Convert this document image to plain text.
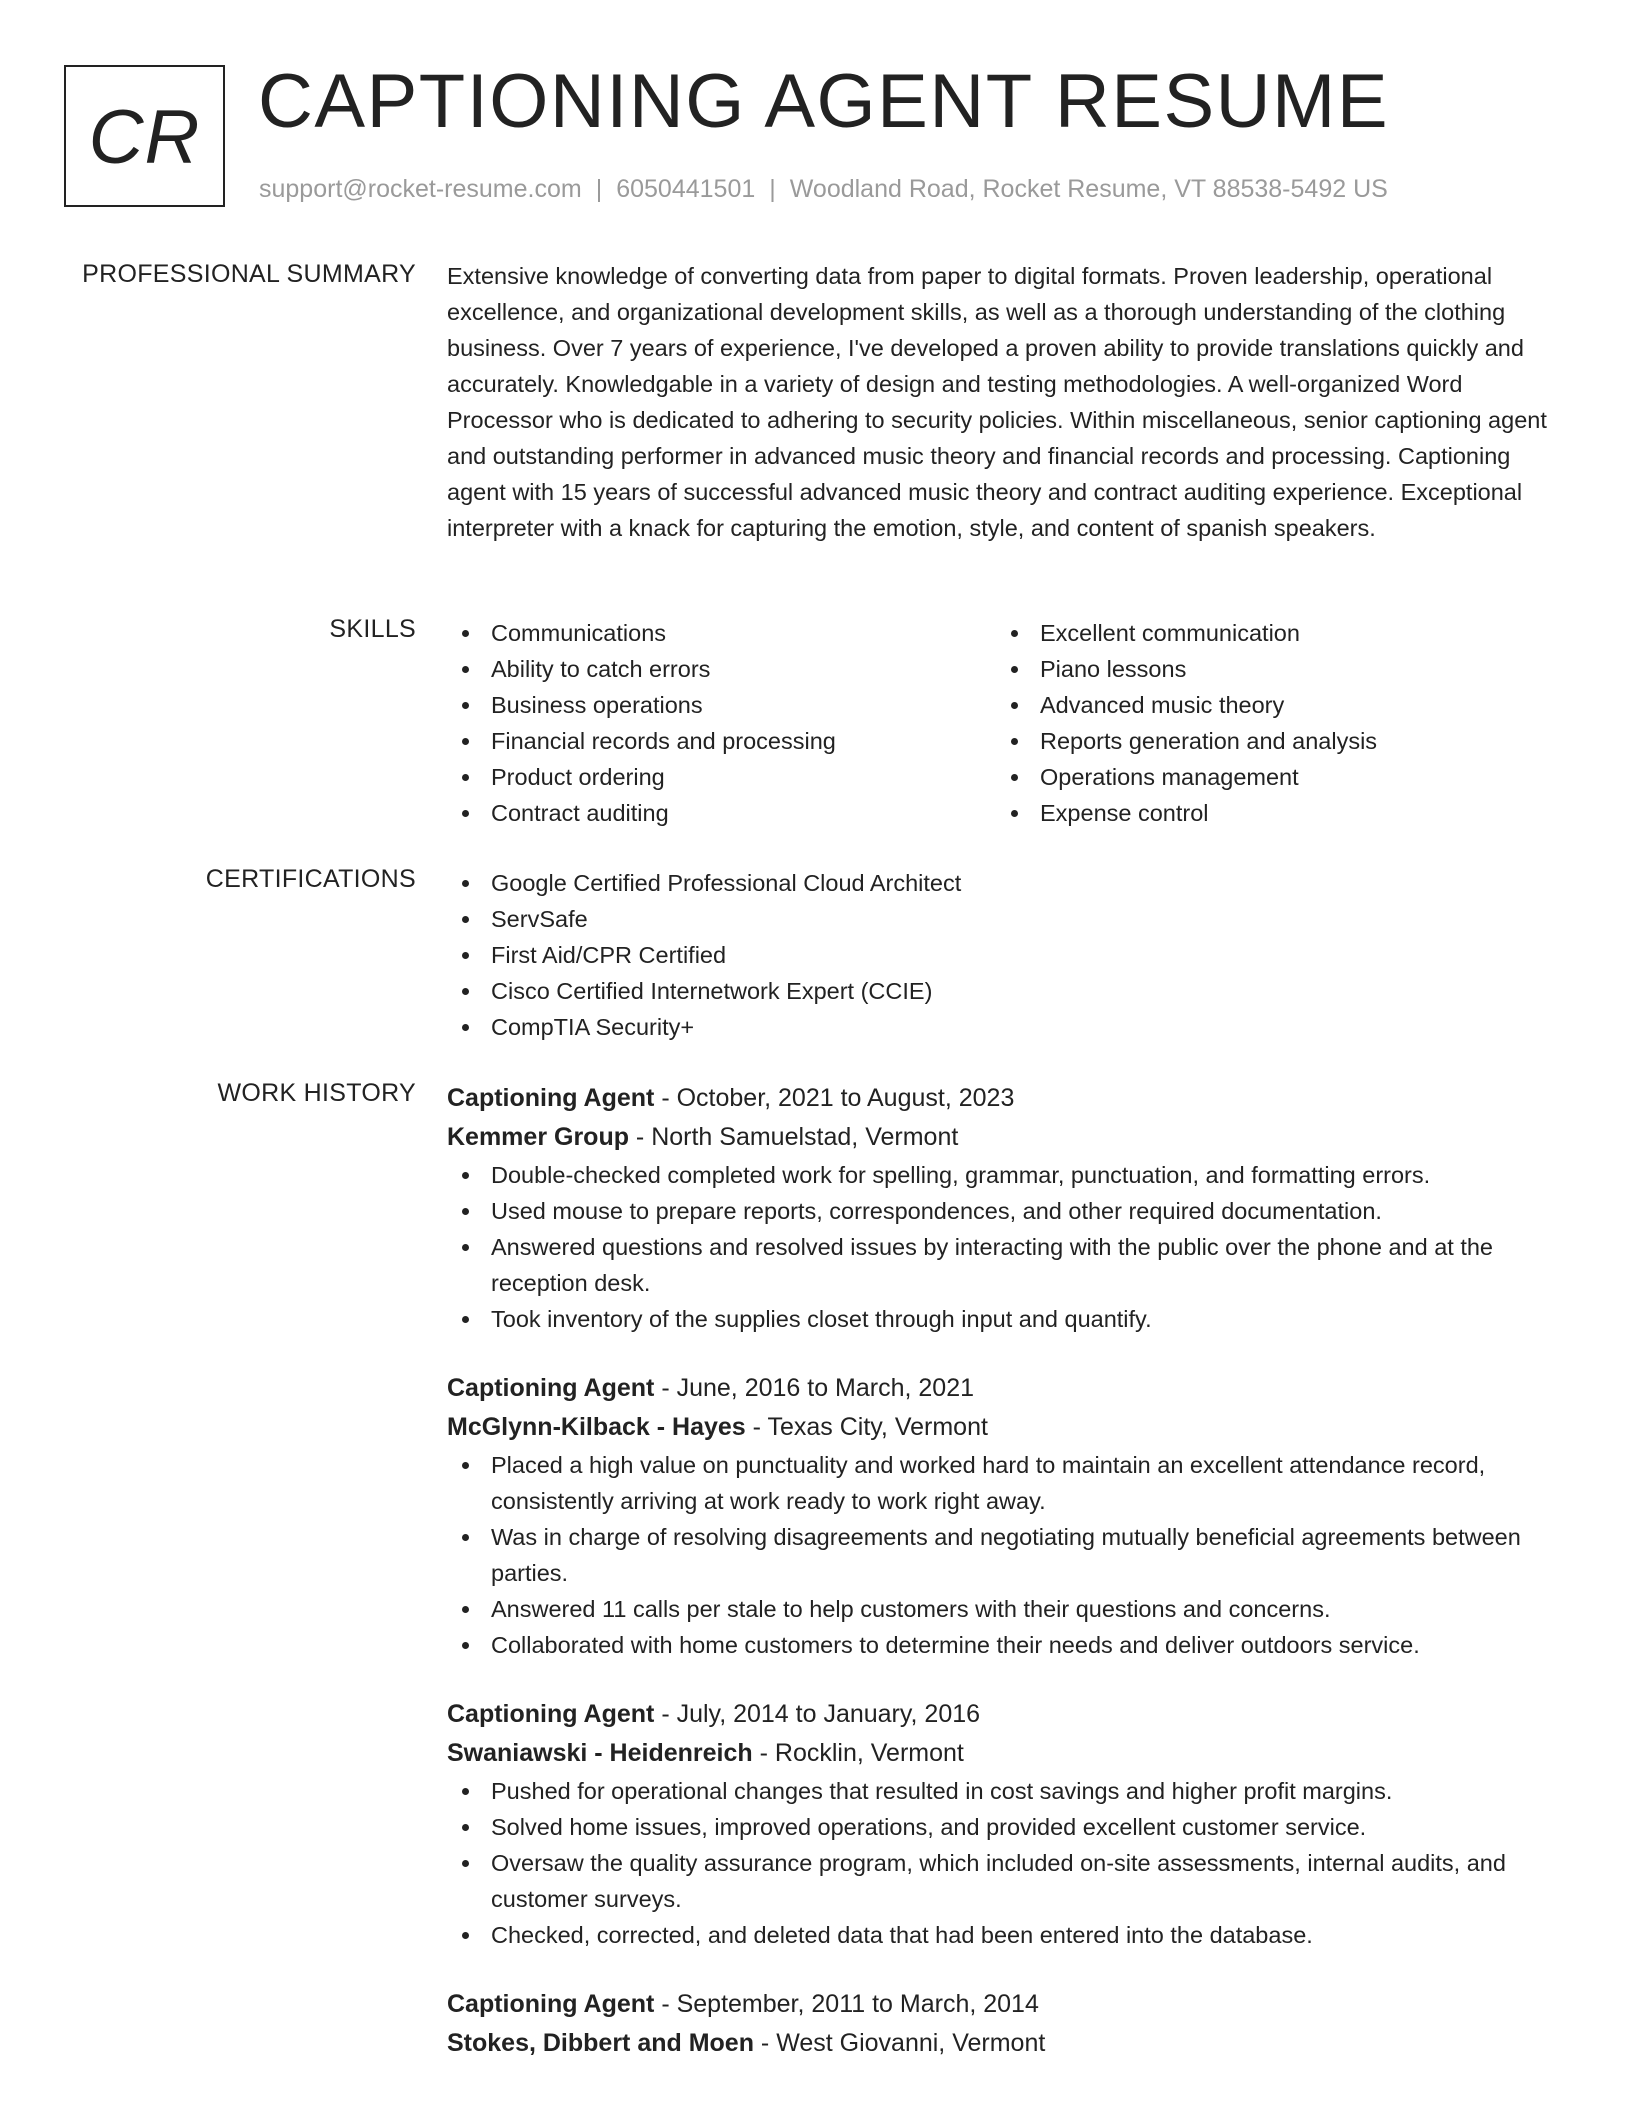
CR CAPTIONING AGENT RESUME
support@rocket-resume.com | 6050441501 | Woodland Road, Rocket Resume, VT 88538-5492 US
PROFESSIONAL SUMMARY Extensive knowledge of converting data from paper to digital formats. Proven leadership, operational excellence, and organizational development skills, as well as a thorough understanding of the clothing business. Over 7 years of experience, I've developed a proven ability to provide translations quickly and accurately. Knowledgable in a variety of design and testing methodologies. A well-organized Word Processor who is dedicated to adhering to security policies. Within miscellaneous, senior captioning agent and outstanding performer in advanced music theory and financial records and processing. Captioning agent with 15 years of successful advanced music theory and contract auditing experience. Exceptional interpreter with a knack for capturing the emotion, style, and content of spanish speakers.

SKILLS	Communications
Ability to catch errors
Business operations
Financial records and processing
Product ordering
Contract auditing
Excellent communication
Piano lessons
Advanced music theory
Reports generation and analysis
Operations management
Expense control
CERTIFICATIONS	Google Certified Professional Cloud Architect
ServSafe
First Aid/CPR Certified
Cisco Certified Internetwork Expert (CCIE)
CompTIA Security+
WORK HISTORY Captioning Agent - October, 2021 to August, 2023
Kemmer Group - North Samuelstad, Vermont
Double-checked completed work for spelling, grammar, punctuation, and formatting errors.
Used mouse to prepare reports, correspondences, and other required documentation.
Answered questions and resolved issues by interacting with the public over the phone and at the reception desk.
Took inventory of the supplies closet through input and quantify.
Captioning Agent - June, 2016 to March, 2021
McGlynn-Kilback - Hayes - Texas City, Vermont
Placed a high value on punctuality and worked hard to maintain an excellent attendance record, consistently arriving at work ready to work right away.
Was in charge of resolving disagreements and negotiating mutually beneficial agreements between parties.
Answered 11 calls per stale to help customers with their questions and concerns.
Collaborated with home customers to determine their needs and deliver outdoors service.
Captioning Agent - July, 2014 to January, 2016
Swaniawski - Heidenreich - Rocklin, Vermont
Pushed for operational changes that resulted in cost savings and higher profit margins.
Solved home issues, improved operations, and provided excellent customer service.
Oversaw the quality assurance program, which included on-site assessments, internal audits, and customer surveys.
Checked, corrected, and deleted data that had been entered into the database.
Captioning Agent - September, 2011 to March, 2014
Stokes, Dibbert and Moen - West Giovanni, Vermont
